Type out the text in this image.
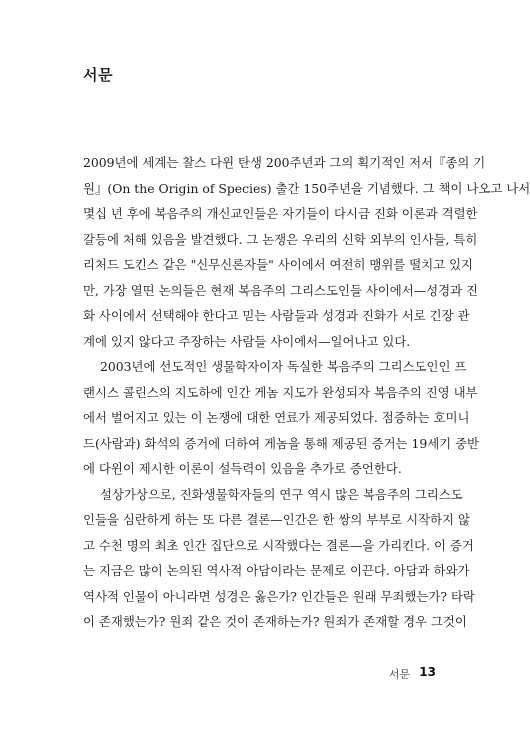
서문
2009년에 세계는 찰스 다윈 탄생 200주년과 그의 획기적인 저서『종의 기
원』(On the Origin of Species) 출간 150주년을 기념했다. 그 책이 나오고 나서
몇십 년 후에 복음주의 개신교인들은 자기들이 다시금 진화 이론과 격렬한
갈등에 처해 있음을 발견했다. 그 논쟁은 우리의 신학 외부의 인사들, 특히
리처드 도킨스 같은 "신무신론자들" 사이에서 여전히 맹위를 떨치고 있지
만, 가장 열띤 논의들은 현재 복음주의 그리스도인들 사이에서—성경과 진
화 사이에서 선택해야 한다고 믿는 사람들과 성경과 진화가 서로 긴장 관
계에 있지 않다고 주장하는 사람들 사이에서—일어나고 있다.
2003년에 선도적인 생물학자이자 독실한 복음주의 그리스도인인 프
랜시스 콜린스의 지도하에 인간 게놈 지도가 완성되자 복음주의 진영 내부
에서 벌어지고 있는 이 논쟁에 대한 연료가 제공되었다. 점증하는 호미니
드(사람과) 화석의 증거에 더하여 게놈을 통해 제공된 증거는 19세기 중반
에 다윈이 제시한 이론이 설득력이 있음을 추가로 증언한다.
설상가상으로, 진화생물학자들의 연구 역시 많은 복음주의 그리스도
인들을 심란하게 하는 또 다른 결론—인간은 한 쌍의 부부로 시작하지 않
고 수천 명의 최초 인간 집단으로 시작했다는 결론—을 가리킨다. 이 증거
는 지금은 많이 논의된 역사적 아담이라는 문제로 이끈다. 아담과 하와가
역사적 인물이 아니라면 성경은 옳은가? 인간들은 원래 무죄했는가? 타락
이 존재했는가? 원죄 같은 것이 존재하는가? 원죄가 존재할 경우 그것이
서문 13
